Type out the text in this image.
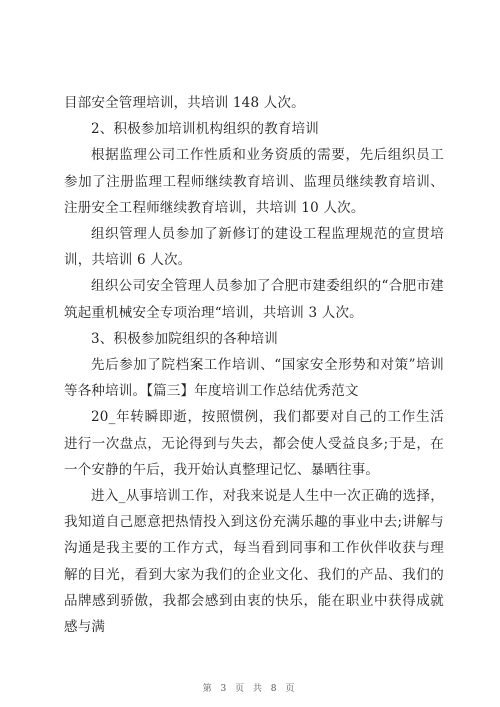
目部安全管理培训，共培训 148 人次。

2、积极参加培训机构组织的教育培训

根据监理公司工作性质和业务资质的需要，先后组织员工参加了注册监理工程师继续教育培训、监理员继续教育培训、注册安全工程师继续教育培训，共培训 10 人次。

组织管理人员参加了新修订的建设工程监理规范的宣贯培训，共培训 6 人次。

组织公司安全管理人员参加了合肥市建委组织的“合肥市建筑起重机械安全专项治理“培训，共培训 3 人次。

3、积极参加院组织的各种培训

先后参加了院档案工作培训、“国家安全形势和对策”培训等各种培训。【篇三】年度培训工作总结优秀范文

20_年转瞬即逝，按照惯例，我们都要对自己的工作生活进行一次盘点，无论得到与失去，都会使人受益良多;于是，在一个安静的午后，我开始认真整理记忆、暴晒往事。

进入_从事培训工作，对我来说是人生中一次正确的选择，我知道自己愿意把热情投入到这份充满乐趣的事业中去;讲解与沟通是我主要的工作方式，每当看到同事和工作伙伴收获与理解的目光，看到大家为我们的企业文化、我们的产品、我们的品牌感到骄傲，我都会感到由衷的快乐，能在职业中获得成就感与满

第 3 页 共 8 页
